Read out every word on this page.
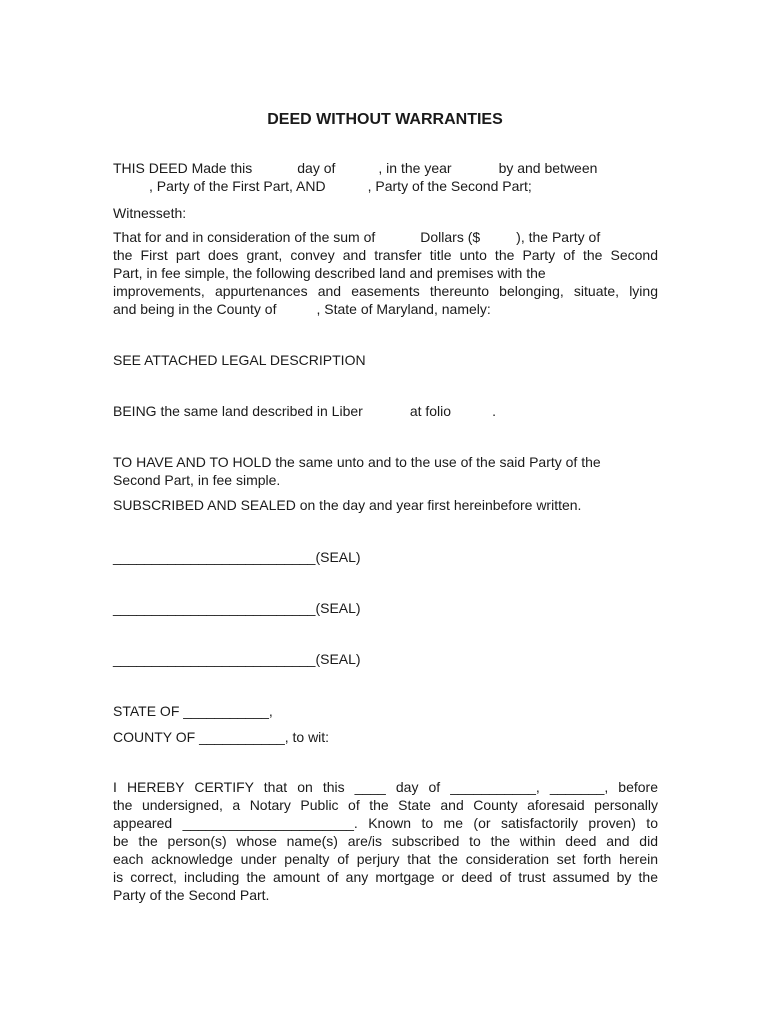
DEED WITHOUT WARRANTIES
THIS DEED Made this	day of	, in the year	by and between
, Party of the First Part, AND	, Party of the Second Part;
Witnesseth:
That for and in consideration of the sum of	Dollars ($	), the Party of
the First part does grant, convey and transfer title unto the Party of the Second
Part, in fee simple, the following described land and premises with the
improvements, appurtenances and easements thereunto belonging, situate, lying
and being in the County of	, State of Maryland, namely:
SEE ATTACHED LEGAL DESCRIPTION
BEING the same land described in Liber	at folio	.
TO HAVE AND TO HOLD the same unto and to the use of the said Party of the
Second Part, in fee simple.
SUBSCRIBED AND SEALED on the day and year first hereinbefore written.
__________________________(SEAL)
__________________________(SEAL)
__________________________(SEAL)
STATE OF ___________,
COUNTY OF ___________, to wit:
I HEREBY CERTIFY that on this ____ day of ___________, _______, before
the undersigned, a Notary Public of the State and County aforesaid personally
appeared ______________________. Known to me (or satisfactorily proven) to
be the person(s) whose name(s) are/is subscribed to the within deed and did
each acknowledge under penalty of perjury that the consideration set forth herein
is correct, including the amount of any mortgage or deed of trust assumed by the
Party of the Second Part.
